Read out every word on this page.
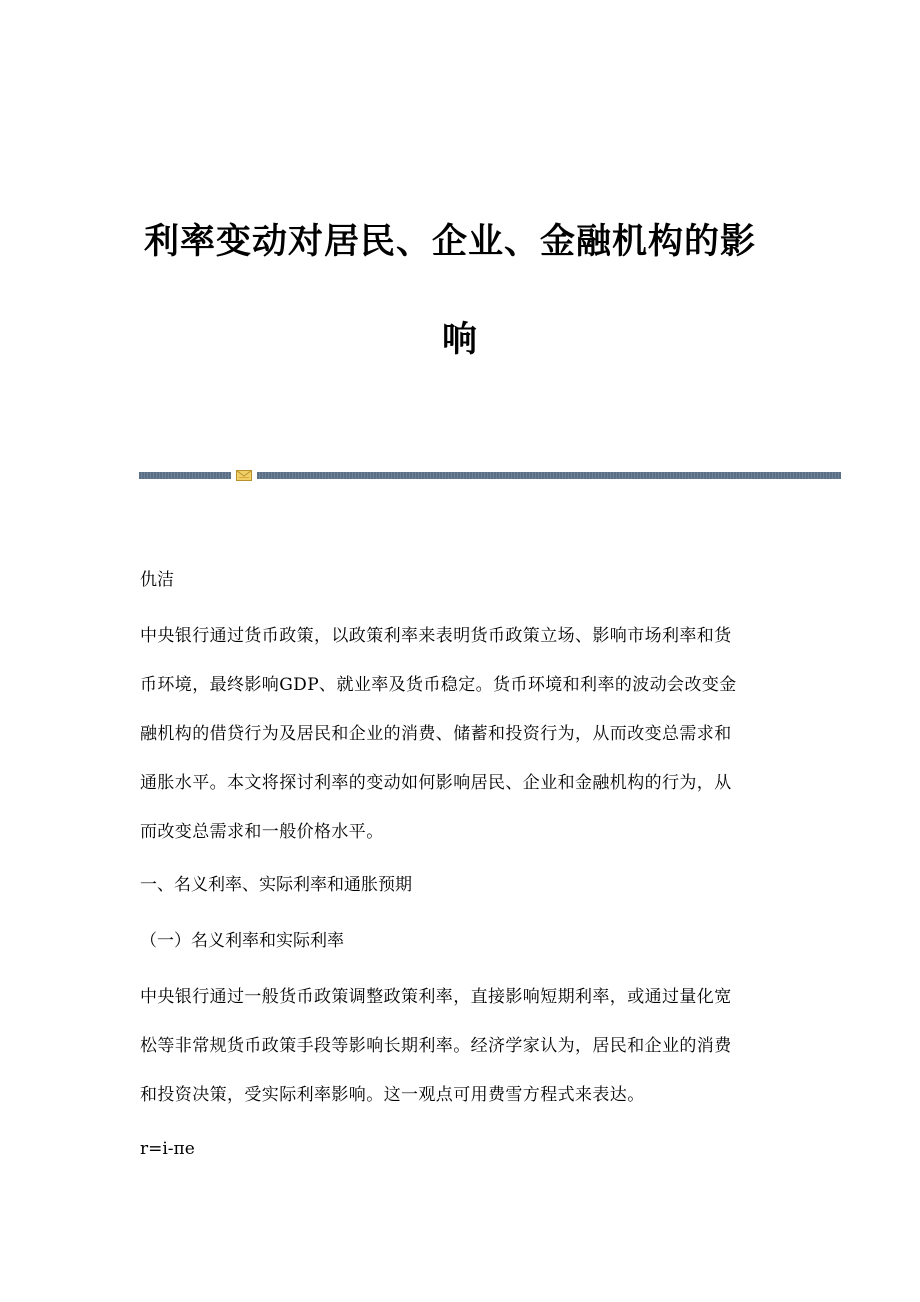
利率变动对居民、企业、金融机构的影
响
仇洁
中央银行通过货币政策，以政策利率来表明货币政策立场、影响市场利率和货
币环境，最终影响GDP、就业率及货币稳定。货币环境和利率的波动会改变金
融机构的借贷行为及居民和企业的消费、储蓄和投资行为，从而改变总需求和
通胀水平。本文将探讨利率的变动如何影响居民、企业和金融机构的行为，从
而改变总需求和一般价格水平。
一、名义利率、实际利率和通胀预期
（一）名义利率和实际利率
中央银行通过一般货币政策调整政策利率，直接影响短期利率，或通过量化宽
松等非常规货币政策手段等影响长期利率。经济学家认为，居民和企业的消费
和投资决策，受实际利率影响。这一观点可用费雪方程式来表达。
r=i-πe
